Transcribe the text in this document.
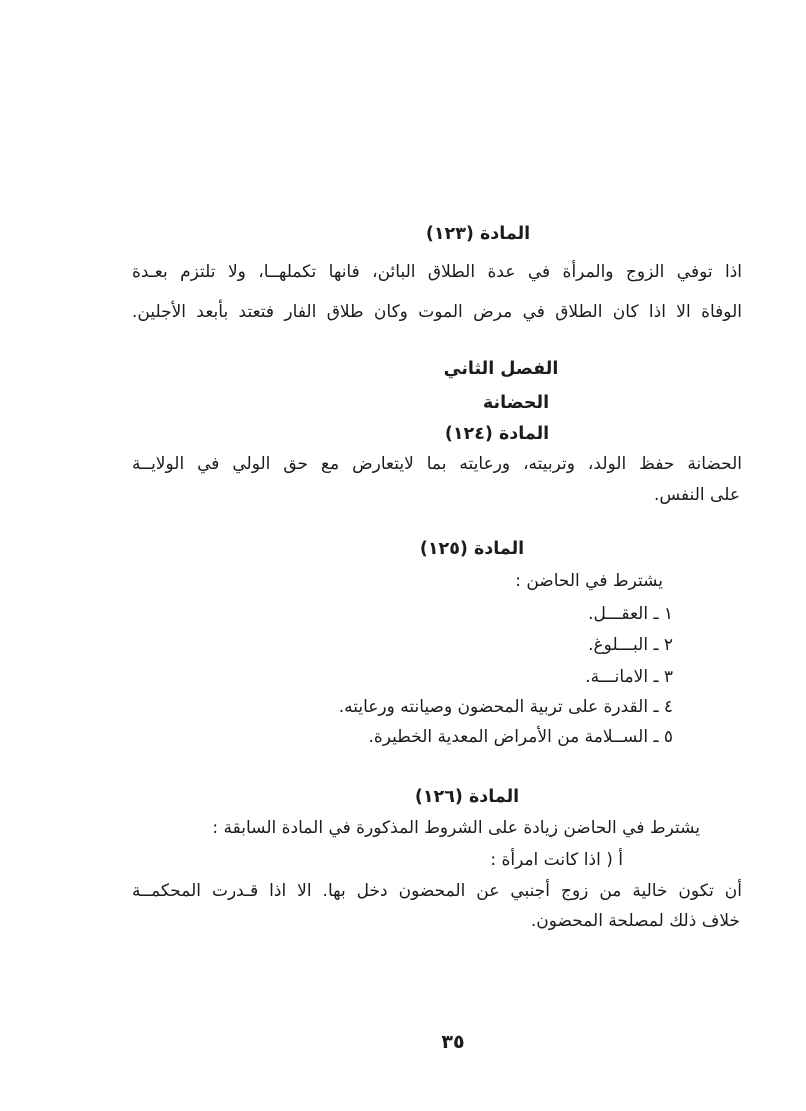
المادة (١٢٣)
اذا توفي الزوج والمرأة في عدة الطلاق البائن، فانها تكملهــا، ولا تلتزم بعـدة
الوفاة الا اذا كان الطلاق في مرض الموت وكان طلاق الفار فتعتد بأبعد الأجلين.
الفصل الثاني
الحضانة
المادة (١٢٤)
الحضانة حفظ الولد، وتربيته، ورعايته بما لايتعارض مع حق الولي في الولايــة
على النفس.
المادة (١٢٥)
يشترط في الحاضن :
١ ـ العقـــل.
٢ ـ البـــلوغ.
٣ ـ الامانـــة.
٤ ـ القدرة على تربية المحضون وصيانته ورعايته.
٥ ـ الســلامة من الأمراض المعدية الخطيرة.
المادة (١٢٦)
يشترط في الحاضن زيادة على الشروط المذكورة في المادة السابقة :
أ ‎)‎ اذا كانت امرأة :
أن تكون خالية من زوج أجنبي عن المحضون دخل بها. الا اذا قـدرت المحكمــة
خلاف ذلك لمصلحة المحضون.
٣٥
